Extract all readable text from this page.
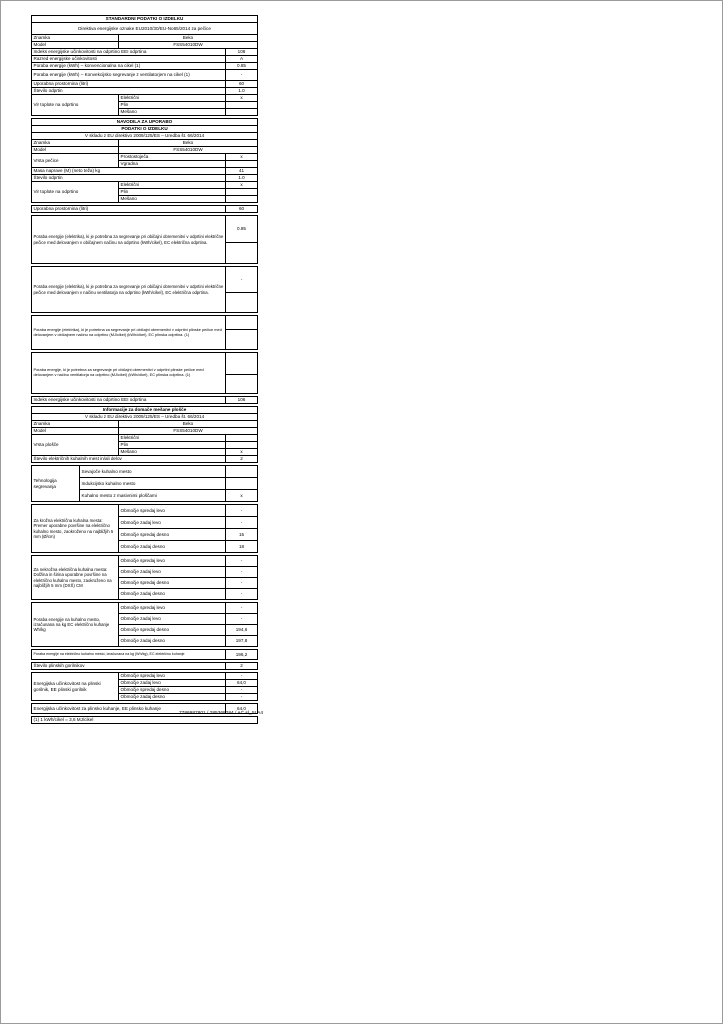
STANDARDNI PODATKI O IZDELKU		
Direktiva energijske oznake EU2010/30/EU-No65/2014 za pečice		
Znamka	Beko	
Model	FSS54010DW	
Indeks energijske učinkovitosti na odprtino EEI odprtina		106
Razred energijske učinkovitosti		A
Poraba energije (kWh) – konvencionalna na cikel (1)		0.85
Poraba energije (kWh) – Konvekcijsko segrevanje z ventilatorjem na cikel (1)		-
Uporabna prostornina (litri)		60
Število odprtin		1.0
Vir toplote na odprtino	Električni	x
	Plin	
	Mešano	
NAVODILA ZA UPORABO		
PODATKI O IZDELKU		
V skladu z EU direktivo 2009/125/ES – Uredba št. 66/2014		
Znamka	Beko	
Model	FSS54010DW	
Vrsta pečice	Prostostoječa	x
	Vgradna	
Masa naprave (M) (neto teža) kg		41
Število odprtin		1.0
Vir toplote na odprtino	Električni	x
	Plin	
	Mešano	
Uporabna prostornina (litri)	60
Poraba energije (elektrika), ki je potrebna za segrevanje pri običajni obremenitvi v odprtini električne pečice med delovanjem v običajnem načinu na odprtino (kWh/cikel), EC električna odprtina.	0.85

Poraba energije (elektrika), ki je potrebna za segrevanje pri običajni obremenitvi v odprtini električne pečice med delovanjem v načinu ventilatorja na odprtino (kWh/cikel), EC električna odprtina.	-

Poraba energije (elektrika), ki je potrebna za segrevanje pri običajni obremenitvi v odprtini plinske pečice med delovanjem v običajnem načinu na odprtino (MJ/cikel) (kWh/cikel), EC plinska odprtina. (1)	

Poraba energije, ki je potrebna za segrevanje pri običajni obremenitvi v odprtini plinske pečice med delovanjem v načinu ventilatorja na odprtino (MJ/cikel) (kWh/cikel), EC plinska odprtina. (1)	

Indeks energijske učinkovitosti na odprtino EEI odprtina	106
Informacije za domače mešane plošče		
V skladu z EU direktivo 2009/125/ES – Uredba št. 66/2014		
Znamka	Beko	
Model	FSS54010DW	
Vrsta plošče	Električni	
	Plin	
	Mešano	x
Število električnih kuhalnih mest in/ali delov		2
Tehnologija segrevanja	Sevajoče kuhalno mesto	
	Indukcijsko kuhalno mesto	
	Kuhalno mesto z masivnimi ploščami	x
Za krožna električna kuhalna mesta: Premer uporabne površine na električno kuhalno mesto, zaokroženo na najbližjih 5 mm (Ø/cm)	Območje spredaj levo	-
	Območje zadaj levo	-
	Območje spredaj desno	15
	Območje zadaj desno	18
Za nekrožna električna kuhalna mesta: Dolžina in širina uporabne površine na električno kuhalno mesto, zaokroženo na najbližjih 5 mm (DXŠ) CM	Območje spredaj levo	-
	Območje zadaj levo	-
	Območje spredaj desno	-
	Območje zadaj desno	-
Poraba energije na kuhalno mesto, izračunana na kg EC električno kuhanje Wh/kg	Območje spredaj levo	-
	Območje zadaj levo	-
	Območje spredaj desno	194,6
	Območje zadaj desno	197,8
Poraba energije na električno kuhalno mesto, izračunana na kg (Wh/kg), EC električno kuhanje	196,2
Število plinskih gorilnikov	2
Energijska učinkovitost na plinski gorilnik, EE plinski gorilnik	Območje spredaj levo	-
	Območje zadaj levo	64,0
	Območje spredaj desno	-
	Območje zadaj desno	-
Energijska učinkovitost za plinsko kuhanje, EE plinsko kuhanje	64,0
(1) 1 kWh/cikel = 3,6 MJ/cikel
7786987801 / 285368284 / AC sl_SI A4
